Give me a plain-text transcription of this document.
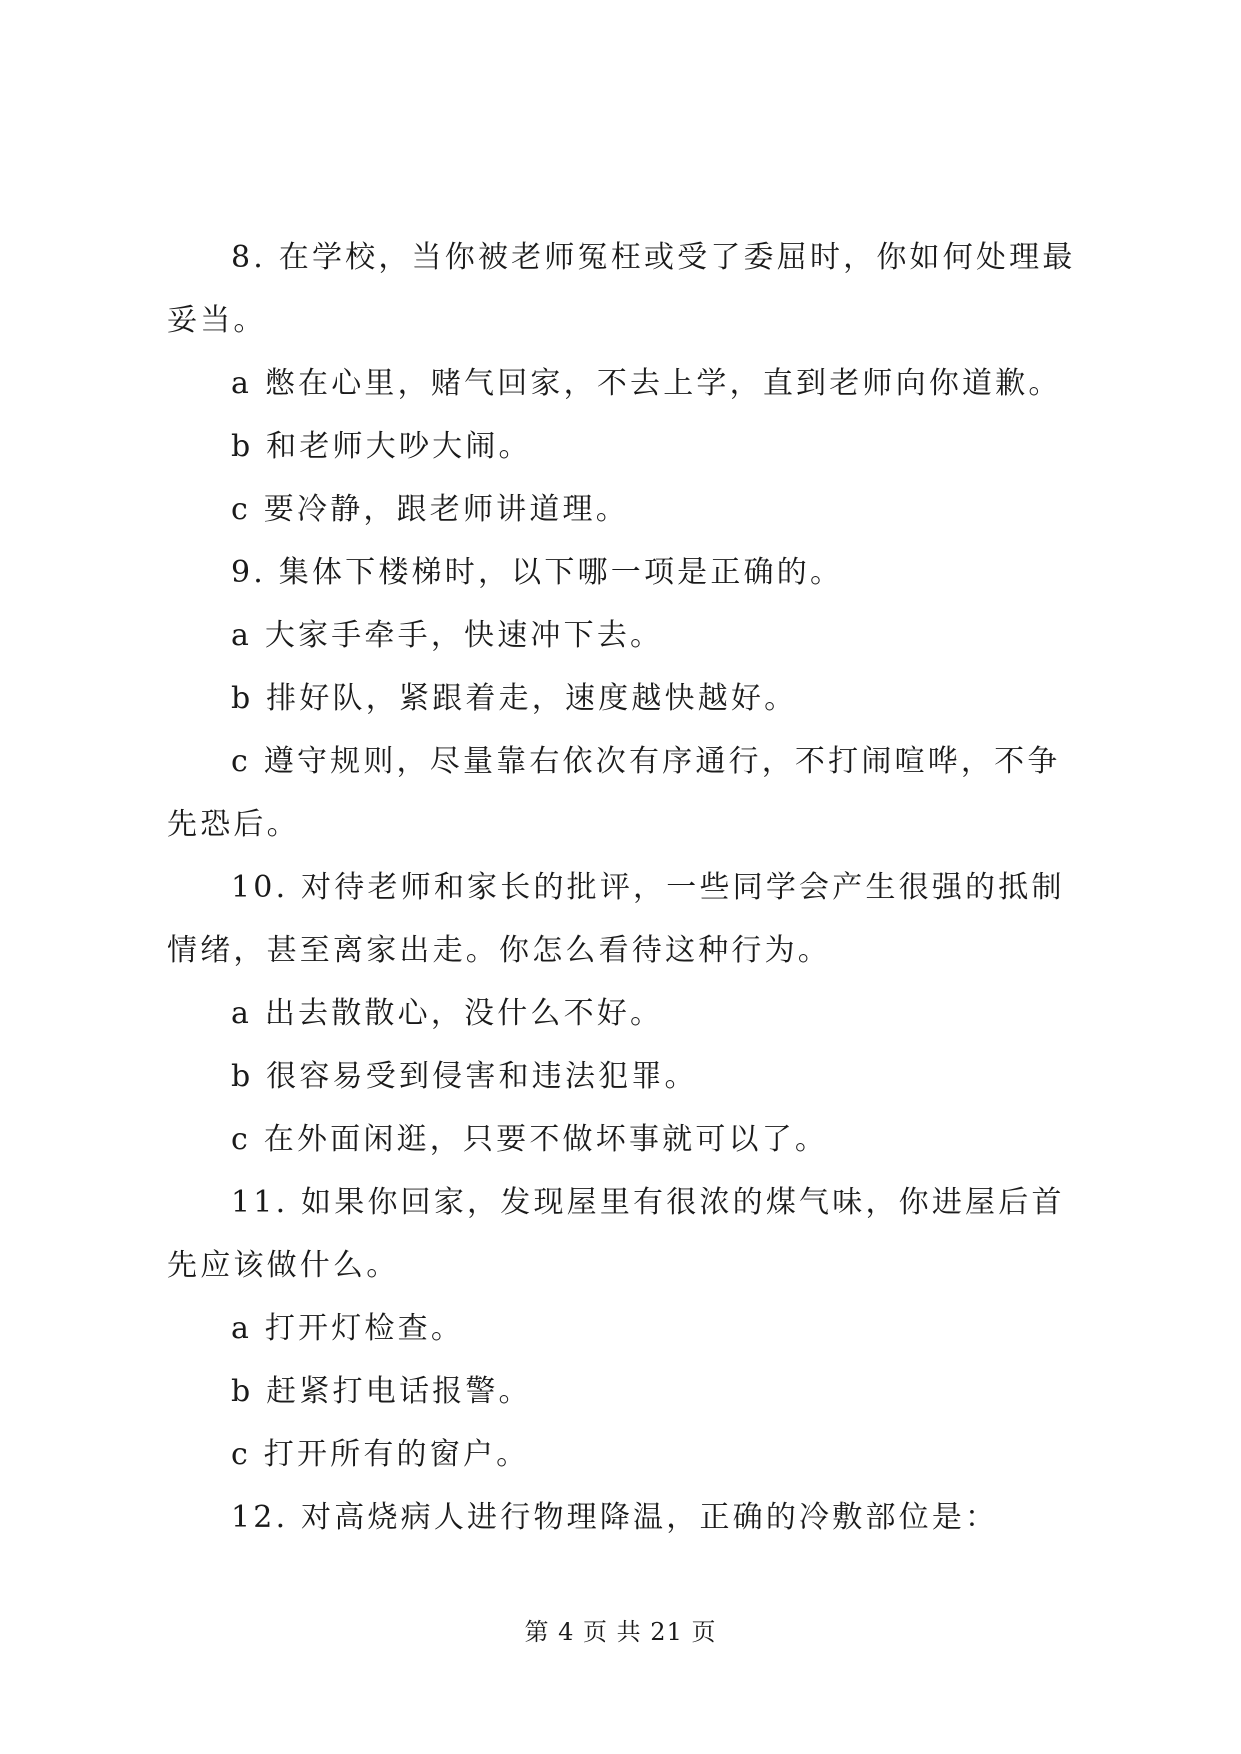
8. 在学校，当你被老师冤枉或受了委屈时，你如何处理最妥当。

a 憋在心里，赌气回家，不去上学，直到老师向你道歉。

b 和老师大吵大闹。

c 要冷静，跟老师讲道理。

9. 集体下楼梯时，以下哪一项是正确的。

a 大家手牵手，快速冲下去。

b 排好队，紧跟着走，速度越快越好。

c 遵守规则，尽量靠右依次有序通行，不打闹喧哗，不争先恐后。

10. 对待老师和家长的批评，一些同学会产生很强的抵制情绪，甚至离家出走。你怎么看待这种行为。

a 出去散散心，没什么不好。

b 很容易受到侵害和违法犯罪。

c 在外面闲逛，只要不做坏事就可以了。

11. 如果你回家，发现屋里有很浓的煤气味，你进屋后首先应该做什么。

a 打开灯检查。

b 赶紧打电话报警。

c 打开所有的窗户。

12. 对高烧病人进行物理降温，正确的冷敷部位是：

第 4 页 共 21 页
